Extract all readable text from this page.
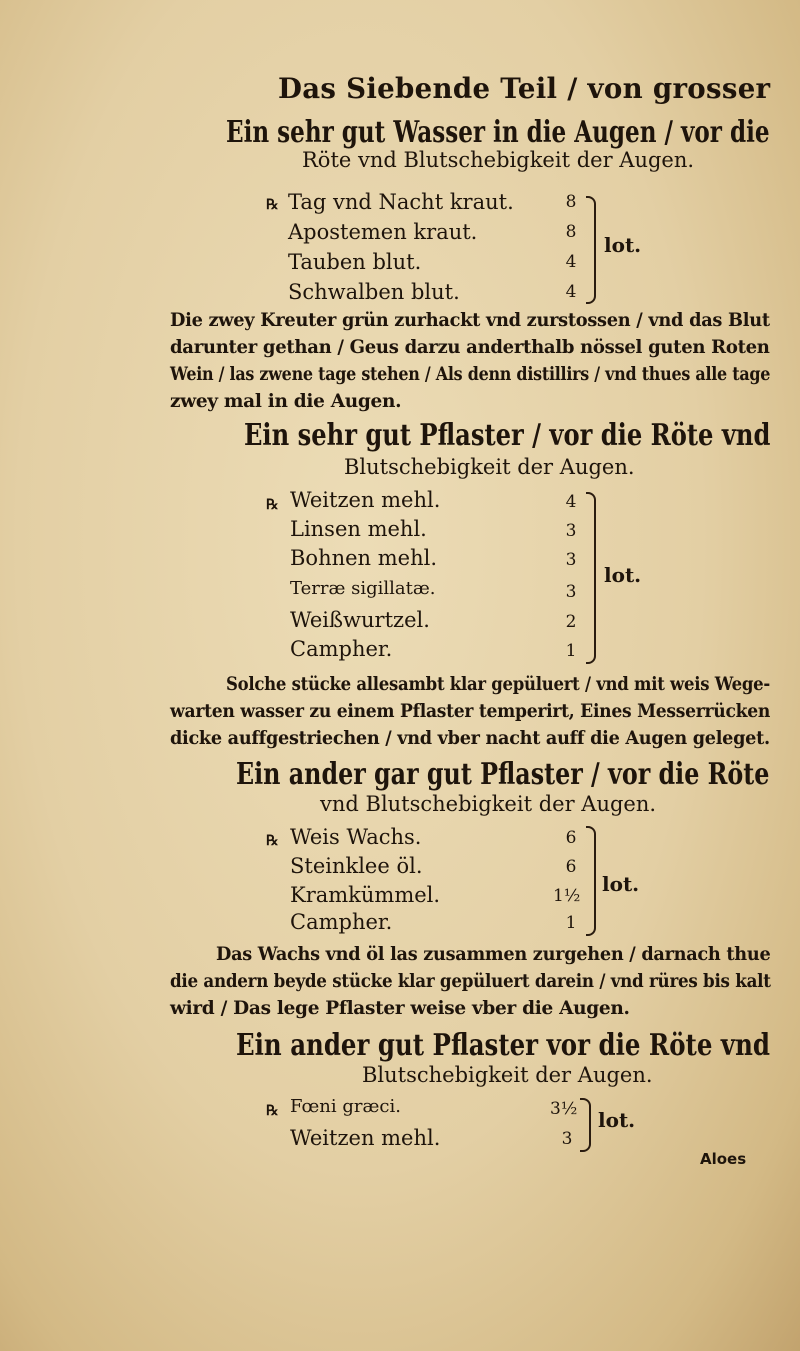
Das Siebende Teil / von grosser
Ein sehr gut Wasser in die Augen / vor die
Röte vnd Blutschebigkeit der Augen.
℞ Tag vnd Nacht kraut.
Apostemen kraut.
Tauben blut.
Schwalben blut.
8
8
4
4
lot.
Die zwey Kreuter grün zurhackt vnd zurstossen / vnd das Blut
darunter gethan / Geus darzu anderthalb nössel guten Roten
Wein / las zwene tage stehen / Als denn distillirs / vnd thues alle tage
zwey mal in die Augen.
Ein sehr gut Pflaster / vor die Röte vnd
Blutschebigkeit der Augen.
℞ Weitzen mehl.
Linsen mehl.
Bohnen mehl.
Terræ sigillatæ.
Weißwurtzel.
Campher.
4
3
3
3
2
1
lot.
Solche stücke allesambt klar gepüluert / vnd mit weis Wege-
warten wasser zu einem Pflaster temperirt, Eines Messerrücken
dicke auffgestriechen / vnd vber nacht auff die Augen geleget.
Ein ander gar gut Pflaster / vor die Röte
vnd Blutschebigkeit der Augen.
℞ Weis Wachs.
Steinklee öl.
Kramkümmel.
Campher.
6
6
1½
1
lot.
Das Wachs vnd öl las zusammen zurgehen / darnach thue
die andern beyde stücke klar gepüluert darein / vnd rüres bis kalt
wird / Das lege Pflaster weise vber die Augen.
Ein ander gut Pflaster vor die Röte vnd
Blutschebigkeit der Augen.
℞ Fœni græci.
Weitzen mehl.
3½
3
lot.
Aloes
